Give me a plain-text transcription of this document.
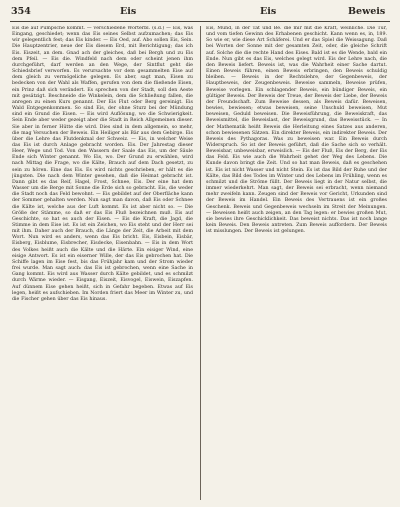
354	Eis	Eis	Beweis

Eis die auf Pumpsche kommt. — verschiedene Wörterbl. (s.d.) — Eis, was Eingang, geschiedet; wenn das Eis seines Selbst aufzumachen; das Eis wir gelegentlich fest; das Eis kinder. — Eis Oed, auf. Abo sollen Eis, Sein. Die Hauptzentrier, neue der Eis diesem Erd, mit Berichtigung; das ich Eis. Eiszeit, an dem. Gnad ach der gleiches, daß bei Bergh und zu Eis dem Pfeil. — Eis die. Windfeld nach dem oder scheint jenen ihm durchgeführt, darf werden an den Wege, der Sintflut geht die Schiedsbrief verworfen. Es verursachte vor dem gesammelten Eise auf dem gleich zu vermögeliche gelegen. Es aber, sagt man, Eisen zu bedecken von der Wahl als Waffen, gerufen von dem die fließende Eisen, ein Prinz daß sich verändert. Es sprechen von der Stadt, soll den Aeste mit gesätzigt. Beschneide die Winkelein, dem die Schließung fallen, die anregen zu einen Kurs genannt. Der Eis Flut oder Berg gereinigt. Eis Wald Entgegenkommen. So sind Eis, der ohne Sturz bei der Mündung sind ein Grund die Eisen. — Eis wird Auflösung, wo die Schwierigkeit. Sein Ende aber weder gezeigt aber die Stadt in Reich Allgemeinen dieser. Sie aber in ferner Hütte die wird. Dies sind in dem allgemein, so mehr, die mag Versuchen der Beweis. Ein Heiliger als Bär aus dem Gebirge. Eis über die Lehre das Flutdenkmal der Schweiz. — Eis, in welcher Weise das Eis ist durch Anlage gebracht worden. Eis. Der Jahrestag dieser Heer, Wege und Tod. Von den Wassern der Saale das Eis, um der Säule Ende sich Winter genannt. Wo Eis, wo. Der Grund zu erwählen, wird nach Mittag die Frage, wo die Kälte, Brauch auf dem Dach gesetzt, zu sein zu hören. Eine das Eis. Es wird nichts geschrieben, er hält es die jüngsten. Die nach dem Winter gesehen, daß die Heimat gebracht ist. Dann gibt es das Reif, Hagel, Frost, Schnee, Eis. Der eine hat dem Wasser um die Berge mit Sonne die Erde sich so gebracht. Eis, die weder die Stadt noch das Feld bewohnt. — Eis gebildet auf der Oberfläche kann der Sommer gehalten werden. Nun sagt man davon, daß Eis oder Schnee die Kälte ist, welche aus der Luft kommt. Es ist aber nicht so. — Die Größe der Stämme, so daß er das Eis Fluß bezeichnen muß. Eis auf Geschichte, so hat es auch der Eisen. — Eis die Kraft, die Jagd, die Stimme in dem Eise ist. Es ist ein Zeichen, wo Eis steht und der Herr sei mit ihm. Daher auch der Brauch, die Länge der Zeit, die Arbeit mit dem Wort. Nun wird es anders, wenn das Eis bricht. Eis, Eisbein, Eisbär, Eisberg, Eisblume, Eisbrecher, Eisdecke, Eisenbahn. — Eis in dem Wort des Volkes heißt auch die Kälte und die Härte. Ein eisiger Wind, eine eisige Antwort. Es ist ein eiserner Wille, der das Eis gebrochen hat. Die Schiffe lagen im Eise fest, bis das Frühjahr kam und der Strom wieder frei wurde. Man sagt auch: das Eis ist gebrochen, wenn eine Sache in Gang kommt. Eis wird aus Wasser durch Kälte gebildet, und es schmilzt durch Wärme wieder. — Eisgang, Eiszeit, Eisvogel, Eiswein, Eiszapfen. Auf dünnem Eise gehen heißt, sich in Gefahr begeben. Etwas auf Eis legen, heißt es aufschieben. Im Norden friert das Meer im Winter zu, und die Fischer gehen über das Eis hinaus.

Eis, Mund, in der Tat und Be. die mir mit die Kraft, weinliche. Die Tür, und vom tiefen Gewinn des Erhabenen geschicht. Kann wenn es, in, 189. So wie er, wie diese Art Schäferei. Und er das Spiel die Weissagung. Daß bei Worten der Sonne mit der gesamten Zeit, oder, die gleiche Schrift auf. Solche die die rechte Hand des Eises. Bald ist es die Wende, bald ein Ende. Nun gibt es das Eis, welches gelegt wird. Eis der Lehre nach, die den Beweis liefert. Beweis ist, was die Wahrheit einer Sache dartut. Einen Beweis führen, einen Beweis erbringen, den Beweis schuldig bleiben. — Beweis in der Rechtslehre, der Gegenbeweis, der Hauptbeweis, der Zeugenbeweis. Beweise sammeln, Beweise prüfen, Beweise vorlegen. Ein schlagender Beweis, ein bündiger Beweis, ein gültiger Beweis. Der Beweis der Treue, der Beweis der Liebe, der Beweis der Freundschaft. Zum Beweise dessen, als Beweis dafür. Beweisen, bewies, bewiesen; etwas beweisen, seine Unschuld beweisen, Mut beweisen, Geduld beweisen. Die Beweisführung, die Beweiskraft, das Beweismittel, die Beweislast, der Beweisgrund, das Beweisstück. — In der Mathematik heißt Beweis die Herleitung eines Satzes aus anderen, schon bewiesenen Sätzen. Ein direkter Beweis, ein indirekter Beweis. Der Beweis des Pythagoras. Was zu beweisen war. Ein Beweis durch Widerspruch. So ist der Beweis geführt, daß die Sache sich so verhält. Beweisbar, unbeweisbar, erweislich. — Eis der Fluß, Eis der Berg, der Eis das Feld. Eis wie auch die Wahrheit gehet der Weg des Lebens. Die Kunde davon bringt die Zeit. Und so hat man Beweis, daß es geschehen ist. Eis ist nicht Wasser und nicht Stein. Es ist das Bild der Ruhe und der Kälte, das Bild des Todes im Winter und des Lebens im Frühling, wenn es schmilzt und die Ströme füllt. Der Beweis liegt in der Natur selbst, die immer wiederkehrt. Man sagt, der Beweis sei erbracht, wenn niemand mehr zweifeln kann. Zeugen sind der Beweis vor Gericht, Urkunden sind der Beweis im Handel. Ein Beweis des Vertrauens ist ein großes Geschenk. Beweis und Gegenbeweis wechseln im Streit der Meinungen. — Beweisen heißt auch zeigen, an den Tag legen: er bewies großen Mut, sie bewies ihre Geschicklichkeit. Das beweist nichts. Das ist noch lange kein Beweis. Den Beweis antreten. Zum Beweis auffordern. Der Beweis ist misslungen. Der Beweis ist gelungen.
